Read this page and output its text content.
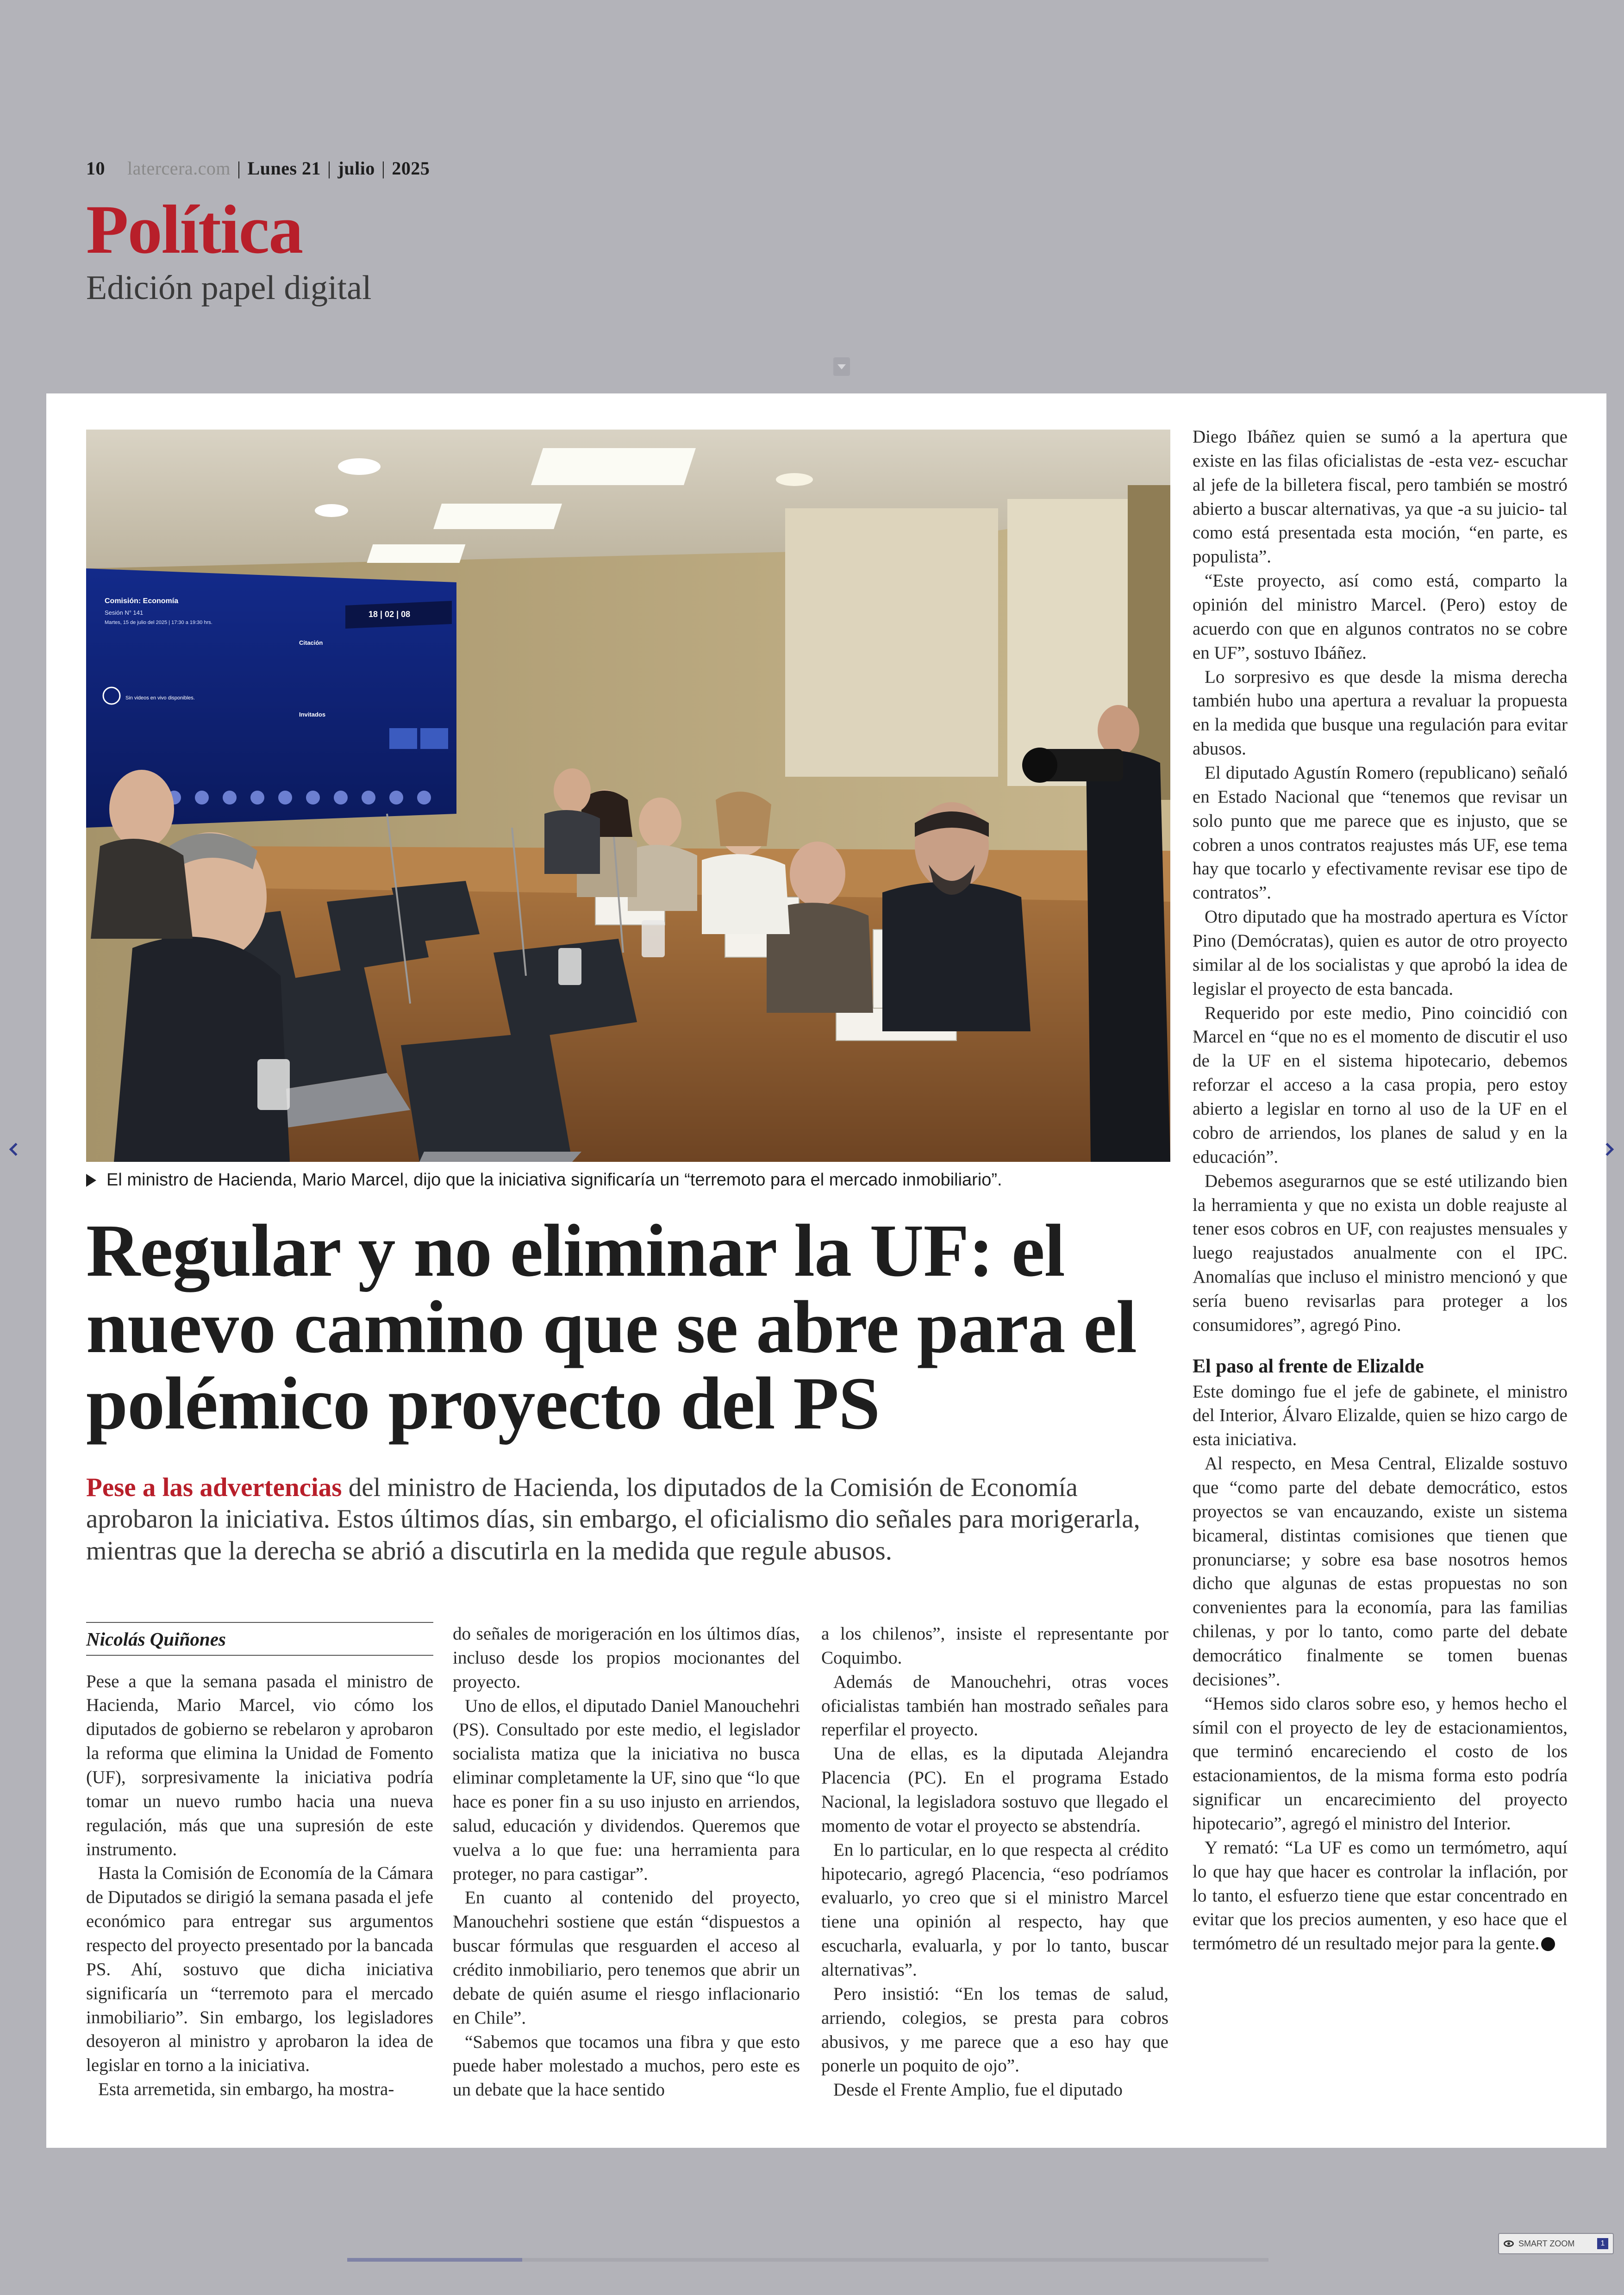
10 latercera.com | Lunes 21 | julio | 2025
Política
Edición papel digital
Comisión: Economía
Sesión N° 141
Martes, 15 de julio del 2025 | 17:30 a 19:30 hrs.
18 | 02 | 08
Citación
Invitados
Sin videos en vivo disponibles.
El ministro de Hacienda, Mario Marcel, dijo que la iniciativa significaría un “terremoto para el mercado inmobiliario”.
Regular y no eliminar la UF: el nuevo camino que se abre para el polémico proyecto del PS
Pese a las advertencias del ministro de Hacienda, los diputados de la Comisión de Economía aprobaron la iniciativa. Estos últimos días, sin embargo, el oficialismo dio señales para morigerarla, mientras que la derecha se abrió a discutirla en la medida que regule abusos.
Nicolás Quiñones

Pese a que la semana pasada el ministro de Hacienda, Mario Marcel, vio cómo los diputados de gobierno se rebelaron y aprobaron la reforma que elimina la Unidad de Fomento (UF), sorpresivamente la iniciativa podría tomar un nuevo rumbo hacia una nueva regulación, más que una supresión de este instrumento.

Hasta la Comisión de Economía de la Cámara de Diputados se dirigió la semana pasada el jefe económico para entregar sus argumentos respecto del proyecto presentado por la bancada PS. Ahí, sostuvo que dicha iniciativa significaría un “terremoto para el mercado inmobiliario”. Sin embargo, los legisladores desoyeron al ministro y aprobaron la idea de legislar en torno a la iniciativa.

Esta arremetida, sin embargo, ha mostra-

do señales de morigeración en los últimos días, incluso desde los propios mocionantes del proyecto.

Uno de ellos, el diputado Daniel Manouchehri (PS). Consultado por este medio, el legislador socialista matiza que la iniciativa no busca eliminar completamente la UF, sino que “lo que hace es poner fin a su uso injusto en arriendos, salud, educación y dividendos. Queremos que vuelva a lo que fue: una herramienta para proteger, no para castigar”.

En cuanto al contenido del proyecto, Manouchehri sostiene que están “dispuestos a buscar fórmulas que resguarden el acceso al crédito inmobiliario, pero tenemos que abrir un debate de quién asume el riesgo inflacionario en Chile”.

“Sabemos que tocamos una fibra y que esto puede haber molestado a muchos, pero este es un debate que la hace sentido

a los chilenos”, insiste el representante por Coquimbo.

Además de Manouchehri, otras voces oficialistas también han mostrado señales para reperfilar el proyecto.

Una de ellas, es la diputada Alejandra Placencia (PC). En el programa Estado Nacional, la legisladora sostuvo que llegado el momento de votar el proyecto se abstendría.

En lo particular, en lo que respecta al crédito hipotecario, agregó Placencia, “eso podríamos evaluarlo, yo creo que si el ministro Marcel tiene una opinión al respecto, hay que escucharla, evaluarla, y por lo tanto, buscar alternativas”.

Pero insistió: “En los temas de salud, arriendo, colegios, se presta para cobros abusivos, y me parece que a eso hay que ponerle un poquito de ojo”.

Desde el Frente Amplio, fue el diputado

Diego Ibáñez quien se sumó a la apertura que existe en las filas oficialistas de -esta vez- escuchar al jefe de la billetera fiscal, pero también se mostró abierto a buscar alternativas, ya que -a su juicio- tal como está presentada esta moción, “en parte, es populista”.

“Este proyecto, así como está, comparto la opinión del ministro Marcel. (Pero) estoy de acuerdo con que en algunos contratos no se cobre en UF”, sostuvo Ibáñez.

Lo sorpresivo es que desde la misma derecha también hubo una apertura a revaluar la propuesta en la medida que busque una regulación para evitar abusos.

El diputado Agustín Romero (republicano) señaló en Estado Nacional que “tenemos que revisar un solo punto que me parece que es injusto, que se cobren a unos contratos reajustes más UF, ese tema hay que tocarlo y efectivamente revisar ese tipo de contratos”.

Otro diputado que ha mostrado apertura es Víctor Pino (Demócratas), quien es autor de otro proyecto similar al de los socialistas y que aprobó la idea de legislar el proyecto de esta bancada.

Requerido por este medio, Pino coincidió con Marcel en “que no es el momento de discutir el uso de la UF en el sistema hipotecario, debemos reforzar el acceso a la casa propia, pero estoy abierto a legislar en torno al uso de la UF en el cobro de arriendos, los planes de salud y en la educación”.

Debemos asegurarnos que se esté utilizando bien la herramienta y que no exista un doble reajuste al tener esos cobros en UF, con reajustes mensuales y luego reajustados anualmente con el IPC. Anomalías que incluso el ministro mencionó y que sería bueno revisarlas para proteger a los consumidores”, agregó Pino.

El paso al frente de Elizalde

Este domingo fue el jefe de gabinete, el ministro del Interior, Álvaro Elizalde, quien se hizo cargo de esta iniciativa.

Al respecto, en Mesa Central, Elizalde sostuvo que “como parte del debate democrático, estos proyectos se van encauzando, existe un sistema bicameral, distintas comisiones que tienen que pronunciarse; y sobre esa base nosotros hemos dicho que algunas de estas propuestas no son convenientes para la economía, para las familias chilenas, y por lo tanto, como parte del debate democrático finalmente se tomen buenas decisiones”.

“Hemos sido claros sobre eso, y hemos hecho el símil con el proyecto de ley de estacionamientos, que terminó encareciendo el costo de los estacionamientos, de la misma forma esto podría significar un encarecimiento del proyecto hipotecario”, agregó el ministro del Interior.

Y remató: “La UF es como un termómetro, aquí lo que hay que hacer es controlar la inflación, por lo tanto, el esfuerzo tiene que estar concentrado en evitar que los precios aumenten, y eso hace que el termómetro dé un resultado mejor para la gente.

SMART ZOOM	1
